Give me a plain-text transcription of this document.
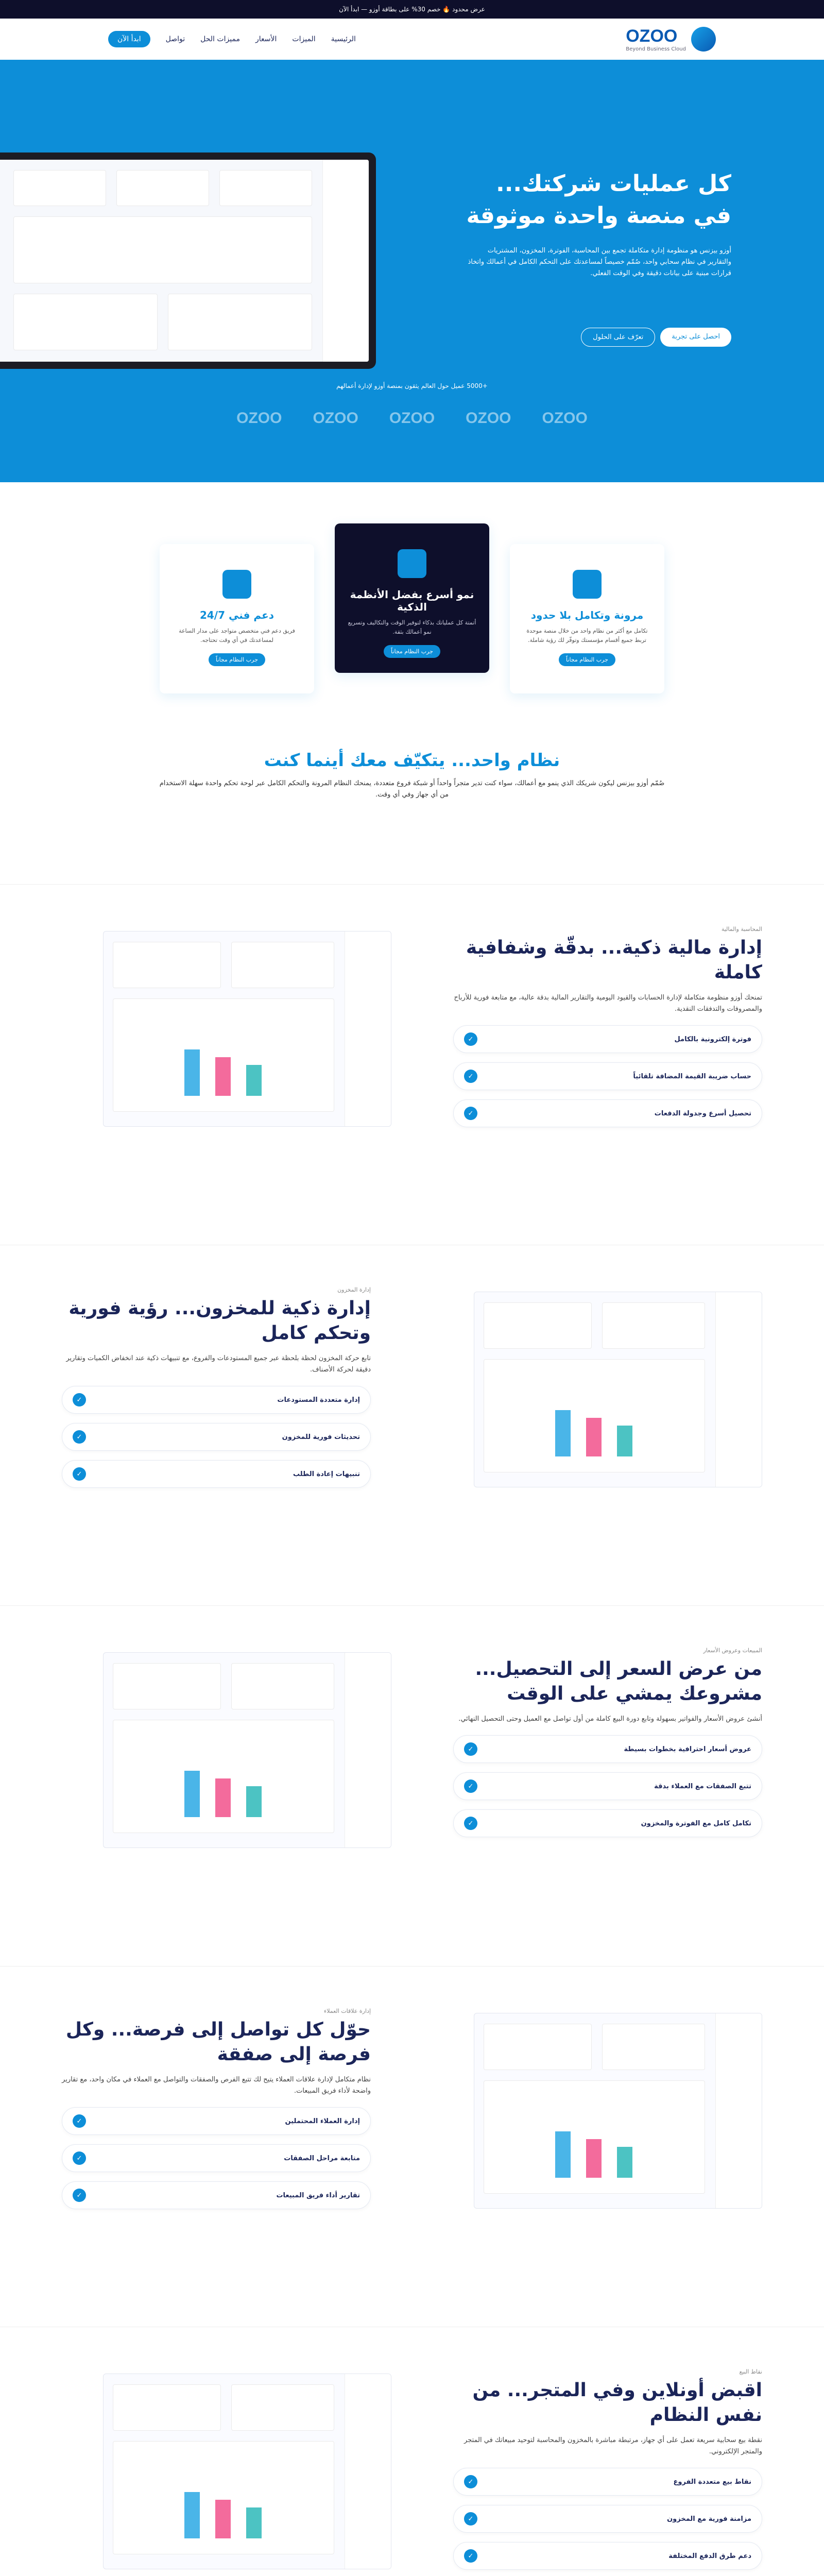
عرض محدود 🔥 خصم 30% على بطاقة أوزو — ابدأ الآن
OZOO
Beyond Business Cloud
الرئيسية
الميزات
الأسعار
مميزات الحل
تواصل
ابدأ الآن
كل عمليات شركتك... في منصة واحدة موثوقة

أوزو بيزنس هو منظومة إدارة متكاملة تجمع بين المحاسبة، الفوترة، المخزون، المشتريات والتقارير في نظام سحابي واحد، صُمّم خصيصاً لمساعدتك على التحكم الكامل في أعمالك واتخاذ قرارات مبنية على بيانات دقيقة وفي الوقت الفعلي.

احصل على تجربة
تعرّف على الحلول
+5000 عميل حول العالم يثقون بمنصة أوزو لإدارة أعمالهم
OZOO
OZOO
OZOO
OZOO
OZOO
مرونة وتكامل بلا حدود

تكامل مع أكثر من نظام واحد من خلال منصة موحدة تربط جميع أقسام مؤسستك وتوفّر لك رؤية شاملة.

جرب النظام مجاناً
نمو أسرع بفضل الأنظمة الذكية

أتمتة كل عملياتك بذكاء لتوفير الوقت والتكاليف وتسريع نمو أعمالك بثقة.

جرب النظام مجاناً
دعم فني 24/7

فريق دعم فني متخصص متواجد على مدار الساعة لمساعدتك في أي وقت تحتاجه.

جرب النظام مجاناً
نظام واحد... يتكيّف معك أينما كنت

صُمّم أوزو بيزنس ليكون شريكك الذي ينمو مع أعمالك، سواء كنت تدير متجراً واحداً أو شبكة فروع متعددة، يمنحك النظام المرونة والتحكم الكامل عبر لوحة تحكم واحدة سهلة الاستخدام من أي جهاز وفي أي وقت.

المحاسبة والمالية
إدارة مالية ذكية... بدقّة وشفافية كاملة

تمنحك أوزو منظومة متكاملة لإدارة الحسابات والقيود اليومية والتقارير المالية بدقة عالية، مع متابعة فورية للأرباح والمصروفات والتدفقات النقدية.

فوترة إلكترونية بالكامل
✓
حساب ضريبة القيمة المضافة تلقائياً
✓
تحصيل أسرع وجدولة الدفعات
✓
إدارة المخزون
إدارة ذكية للمخزون... رؤية فورية وتحكم كامل

تابع حركة المخزون لحظة بلحظة عبر جميع المستودعات والفروع، مع تنبيهات ذكية عند انخفاض الكميات وتقارير دقيقة لحركة الأصناف.

إدارة متعددة المستودعات
✓
تحديثات فورية للمخزون
✓
تنبيهات إعادة الطلب
✓
المبيعات وعروض الأسعار
من عرض السعر إلى التحصيل... مشروعك يمشي على الوقت

أنشئ عروض الأسعار والفواتير بسهولة وتابع دورة البيع كاملة من أول تواصل مع العميل وحتى التحصيل النهائي.

عروض أسعار احترافية بخطوات بسيطة
✓
تتبع الصفقات مع العملاء بدقة
✓
تكامل كامل مع الفوترة والمخزون
✓
إدارة علاقات العملاء
حوّل كل تواصل إلى فرصة... وكل فرصة إلى صفقة

نظام متكامل لإدارة علاقات العملاء يتيح لك تتبع الفرص والصفقات والتواصل مع العملاء في مكان واحد، مع تقارير واضحة لأداء فريق المبيعات.

إدارة العملاء المحتملين
✓
متابعة مراحل الصفقات
✓
تقارير أداء فريق المبيعات
✓
نقاط البيع
اقبض أونلاين وفي المتجر... من نفس النظام

نقطة بيع سحابية سريعة تعمل على أي جهاز، مرتبطة مباشرة بالمخزون والمحاسبة لتوحيد مبيعاتك في المتجر والمتجر الإلكتروني.

نقاط بيع متعددة الفروع
✓
مزامنة فورية مع المخزون
✓
دعم طرق الدفع المختلفة
✓
